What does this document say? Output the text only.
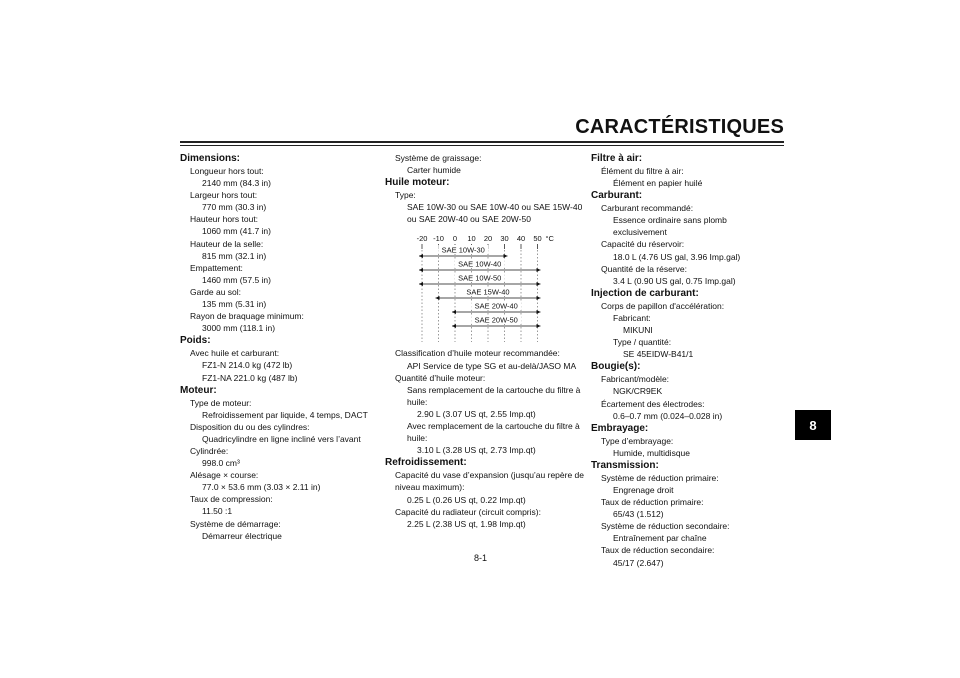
CARACTÉRISTIQUES
8
8-1
Dimensions:
Longueur hors tout:
2140 mm (84.3 in)
Largeur hors tout:
770 mm (30.3 in)
Hauteur hors tout:
1060 mm (41.7 in)
Hauteur de la selle:
815 mm (32.1 in)
Empattement:
1460 mm (57.5 in)
Garde au sol:
135 mm (5.31 in)
Rayon de braquage minimum:
3000 mm (118.1 in)
Poids:
Avec huile et carburant:
FZ1-N 214.0 kg (472 lb)
FZ1-NA 221.0 kg (487 lb)
Moteur:
Type de moteur:
Refroidissement par liquide, 4 temps, DACT
Disposition du ou des cylindres:
Quadricylindre en ligne incliné vers l’avant
Cylindrée:
998.0 cm³
Alésage × course:
77.0 × 53.6 mm (3.03 × 2.11 in)
Taux de compression:
11.50 :1
Système de démarrage:
Démarreur électrique
Système de graissage:
Carter humide
Huile moteur:
Type:
SAE 10W-30 ou SAE 10W-40 ou SAE 15W-40 ou SAE 20W-40 ou SAE 20W-50
-20 -10 0 10 20 30 40 50 °C
SAE 10W-30
SAE 10W-40
SAE 10W-50
SAE 15W-40
SAE 20W-40
SAE 20W-50
Classification d’huile moteur recommandée:
API Service de type SG et au-delà/JASO MA
Quantité d’huile moteur:
Sans remplacement de la cartouche du filtre à huile:
2.90 L (3.07 US qt, 2.55 Imp.qt)
Avec remplacement de la cartouche du filtre à huile:
3.10 L (3.28 US qt, 2.73 Imp.qt)
Refroidissement:
Capacité du vase d’expansion (jusqu’au repère de niveau maximum):
0.25 L (0.26 US qt, 0.22 Imp.qt)
Capacité du radiateur (circuit compris):
2.25 L (2.38 US qt, 1.98 Imp.qt)
Filtre à air:
Élément du filtre à air:
Élément en papier huilé
Carburant:
Carburant recommandé:
Essence ordinaire sans plomb exclusivement
Capacité du réservoir:
18.0 L (4.76 US gal, 3.96 Imp.gal)
Quantité de la réserve:
3.4 L (0.90 US gal, 0.75 Imp.gal)
Injection de carburant:
Corps de papillon d'accélération:
Fabricant:
MIKUNI
Type / quantité:
SE 45EIDW-B41/1
Bougie(s):
Fabricant/modèle:
NGK/CR9EK
Écartement des électrodes:
0.6–0.7 mm (0.024–0.028 in)
Embrayage:
Type d’embrayage:
Humide, multidisque
Transmission:
Système de réduction primaire:
Engrenage droit
Taux de réduction primaire:
65/43 (1.512)
Système de réduction secondaire:
Entraînement par chaîne
Taux de réduction secondaire:
45/17 (2.647)
